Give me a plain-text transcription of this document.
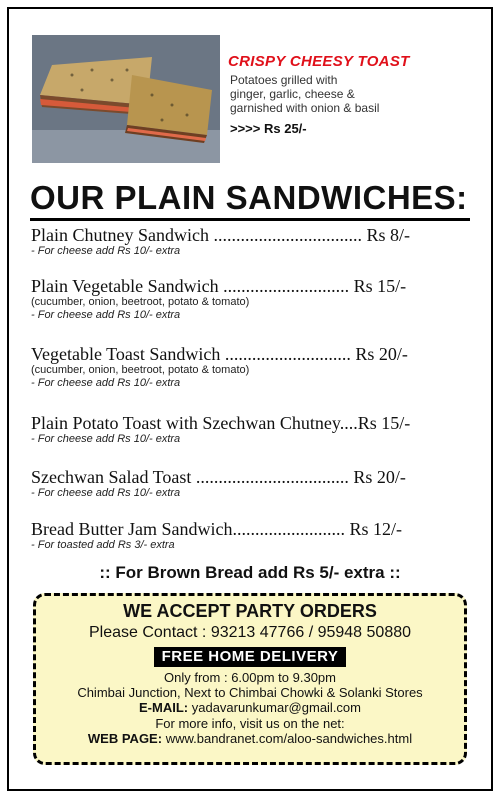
CRISPY CHEESY TOAST
Potatoes grilled with
ginger, garlic, cheese &
garnished with onion & basil
>>>> Rs 25/-
OUR PLAIN SANDWICHES:
Plain Chutney Sandwich ................................. Rs 8/-
- For cheese add Rs 10/- extra
Plain Vegetable Sandwich ............................ Rs 15/-
(cucumber, onion, beetroot, potato & tomato)
- For cheese add Rs 10/- extra
Vegetable Toast Sandwich ............................ Rs 20/-
(cucumber, onion, beetroot, potato & tomato)
- For cheese add Rs 10/- extra
Plain Potato Toast with Szechwan Chutney....Rs 15/-
- For cheese add Rs 10/- extra
Szechwan Salad Toast .................................. Rs 20/-
- For cheese add Rs 10/- extra
Bread Butter Jam Sandwich......................... Rs 12/-
- For toasted add Rs 3/- extra
:: For Brown Bread add Rs 5/- extra ::
WE ACCEPT PARTY ORDERS
Please Contact : 93213 47766 / 95948 50880
FREE HOME DELIVERY
Only from : 6.00pm to 9.30pm
Chimbai Junction, Next to Chimbai Chowki & Solanki Stores
E-MAIL: yadavarunkumar@gmail.com
For more info, visit us on the net:
WEB PAGE: www.bandranet.com/aloo-sandwiches.html
